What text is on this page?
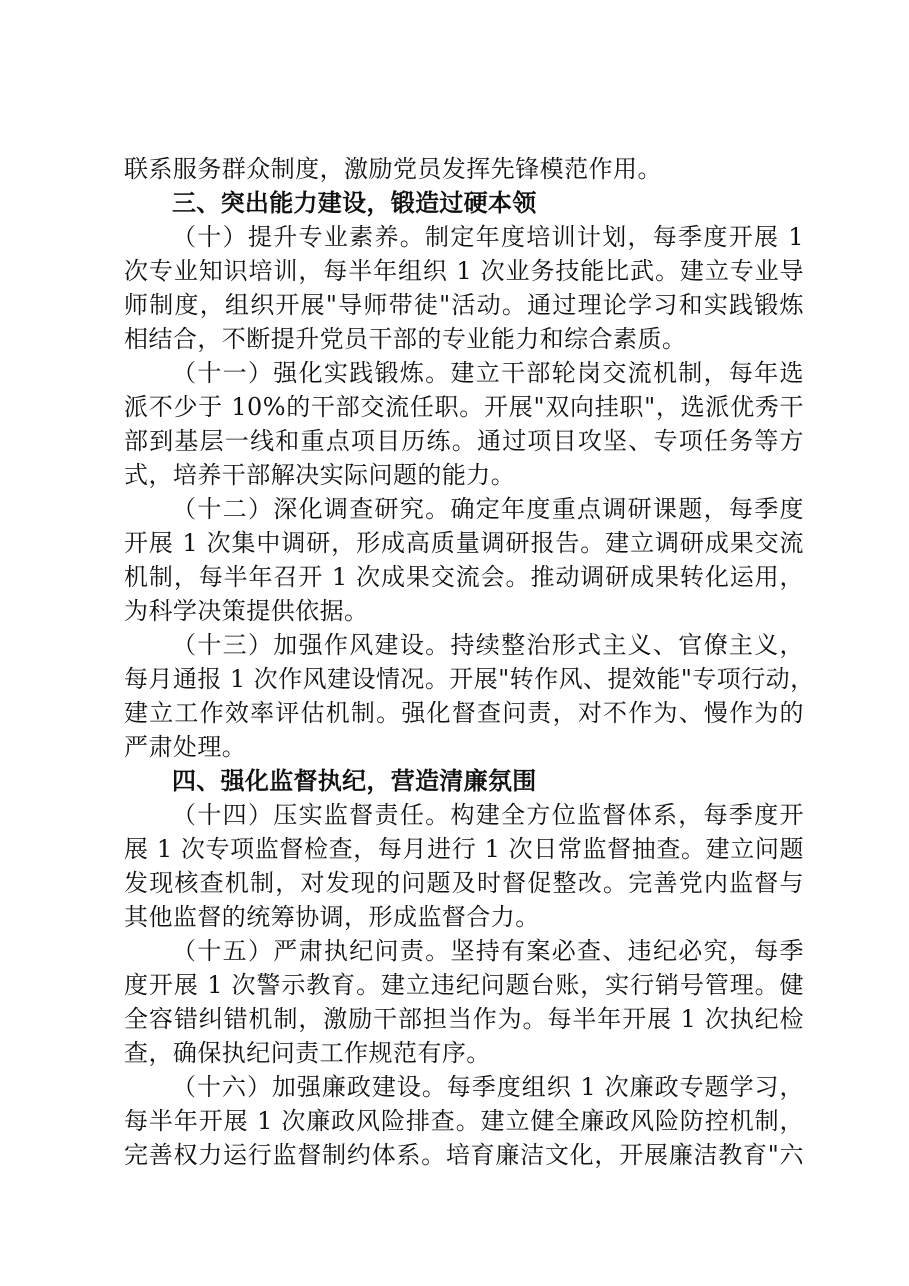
联系服务群众制度，激励党员发挥先锋模范作用。
三、突出能力建设，锻造过硬本领
（十）提升专业素养。制定年度培训计划，每季度开展 1
次专业知识培训，每半年组织 1 次业务技能比武。建立专业导
师制度，组织开展"导师带徒"活动。通过理论学习和实践锻炼
相结合，不断提升党员干部的专业能力和综合素质。
（十一）强化实践锻炼。建立干部轮岗交流机制，每年选
派不少于 10%的干部交流任职。开展"双向挂职"，选派优秀干
部到基层一线和重点项目历练。通过项目攻坚、专项任务等方
式，培养干部解决实际问题的能力。
（十二）深化调查研究。确定年度重点调研课题，每季度
开展 1 次集中调研，形成高质量调研报告。建立调研成果交流
机制，每半年召开 1 次成果交流会。推动调研成果转化运用，
为科学决策提供依据。
（十三）加强作风建设。持续整治形式主义、官僚主义，
每月通报 1 次作风建设情况。开展"转作风、提效能"专项行动，
建立工作效率评估机制。强化督查问责，对不作为、慢作为的
严肃处理。
四、强化监督执纪，营造清廉氛围
（十四）压实监督责任。构建全方位监督体系，每季度开
展 1 次专项监督检查，每月进行 1 次日常监督抽查。建立问题
发现核查机制，对发现的问题及时督促整改。完善党内监督与
其他监督的统筹协调，形成监督合力。
（十五）严肃执纪问责。坚持有案必查、违纪必究，每季
度开展 1 次警示教育。建立违纪问题台账，实行销号管理。健
全容错纠错机制，激励干部担当作为。每半年开展 1 次执纪检
查，确保执纪问责工作规范有序。
（十六）加强廉政建设。每季度组织 1 次廉政专题学习，
每半年开展 1 次廉政风险排查。建立健全廉政风险防控机制，
完善权力运行监督制约体系。培育廉洁文化，开展廉洁教育"六
